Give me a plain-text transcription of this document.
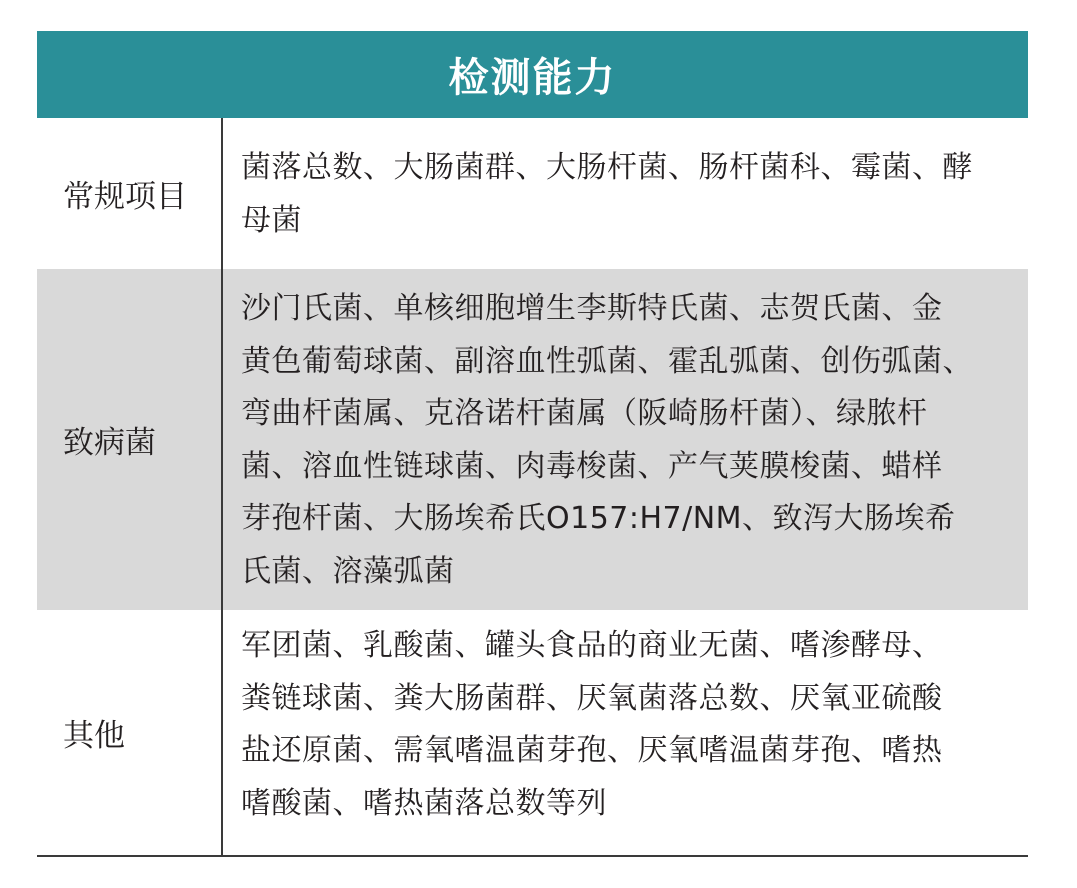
检测能力
常规项目
菌落总数、大肠菌群、大肠杆菌、肠杆菌科、霉菌、酵
母菌
致病菌
沙门氏菌、单核细胞增生李斯特氏菌、志贺氏菌、金
黄色葡萄球菌、副溶血性弧菌、霍乱弧菌、创伤弧菌、
弯曲杆菌属、克洛诺杆菌属（阪崎肠杆菌）、绿脓杆
菌、溶血性链球菌、肉毒梭菌、产气荚膜梭菌、蜡样
芽孢杆菌、大肠埃希氏O157:H7/NM、致泻大肠埃希
氏菌、溶藻弧菌
其他
军团菌、乳酸菌、罐头食品的商业无菌、嗜渗酵母、
粪链球菌、粪大肠菌群、厌氧菌落总数、厌氧亚硫酸
盐还原菌、需氧嗜温菌芽孢、厌氧嗜温菌芽孢、嗜热
嗜酸菌、嗜热菌落总数等列
